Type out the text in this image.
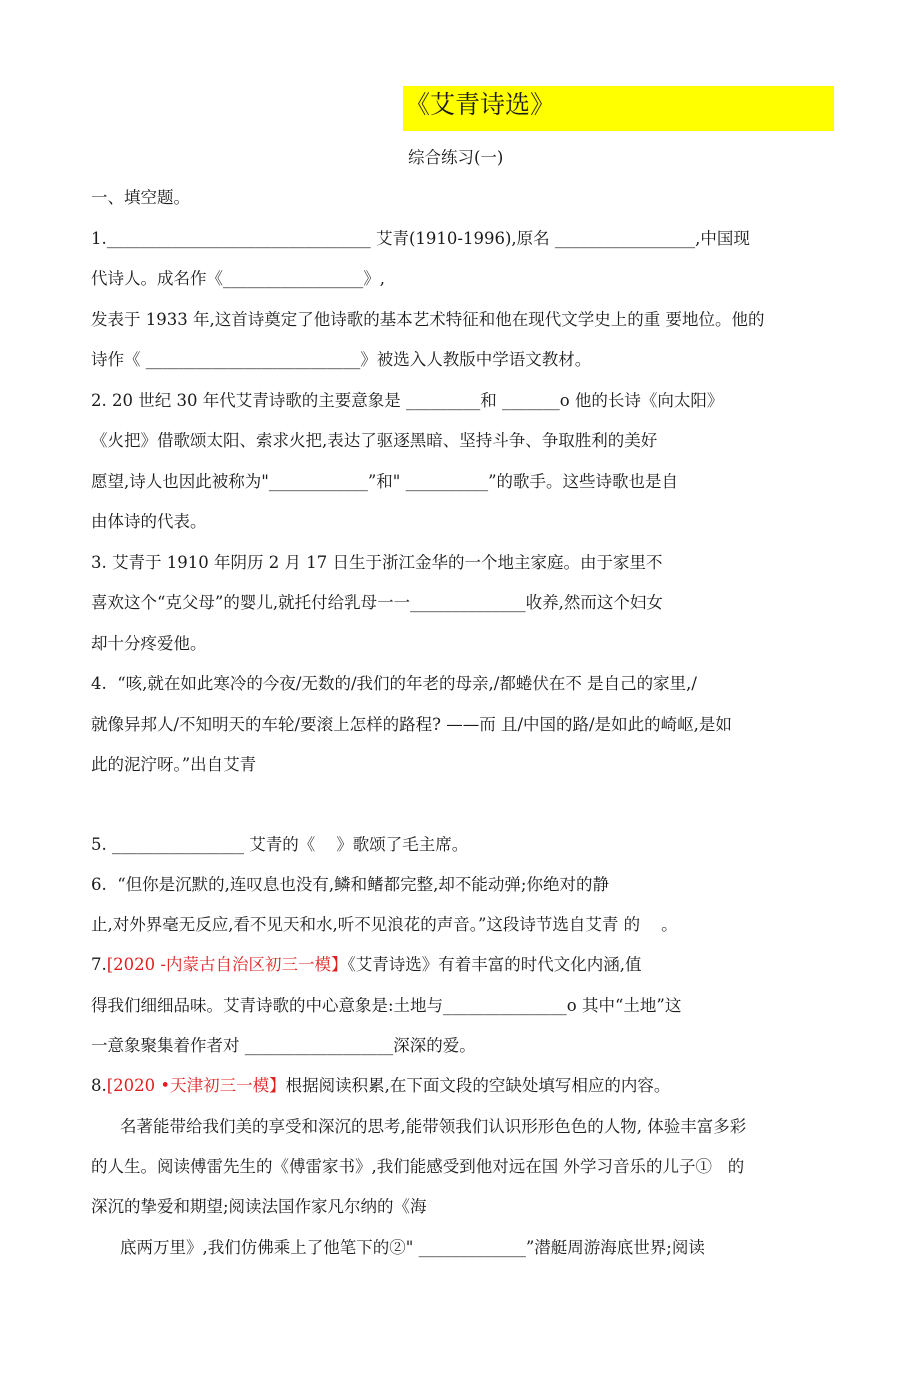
《艾青诗选》
综合练习(一)
一、填空题。
1.________________________________ 艾青(1910-1996),原名 _________________,中国现
代诗人。成名作《_________________》,
发表于 1933 年,这首诗奠定了他诗歌的基本艺术特征和他在现代文学史上的重 要地位。他的
诗作《 __________________________》被选入人教版中学语文教材。
2. 20 世纪 30 年代艾青诗歌的主要意象是 _________和 _______o 他的长诗《向太阳》
《火把》借歌颂太阳、索求火把,表达了驱逐黑暗、坚持斗争、争取胜利的美好
愿望,诗人也因此被称为"____________”和" __________”的歌手。这些诗歌也是自
由体诗的代表。
3. 艾青于 1910 年阴历 2 月 17 日生于浙江金华的一个地主家庭。由于家里不
喜欢这个“克父母”的婴儿,就托付给乳母一一______________收养,然而这个妇女
却十分疼爱他。
4.  “咳,就在如此寒冷的今夜/无数的/我们的年老的母亲,/都蜷伏在不 是自己的家里,/
就像异邦人/不知明天的车轮/要滚上怎样的路程? ——而 且/中国的路/是如此的崎岖,是如
此的泥泞呀。”出自艾青
5. ________________ 艾青的《    》歌颂了毛主席。
6.  “但你是沉默的,连叹息也没有,鳞和鳍都完整,却不能动弹;你绝对的静
止,对外界毫无反应,看不见天和水,听不见浪花的声音。”这段诗节选自艾青 的    。
7.[2020 -内蒙古自治区初三一模】《艾青诗选》有着丰富的时代文化内涵,值
得我们细细品味。艾青诗歌的中心意象是:土地与_______________o 其中“土地”这
一意象聚集着作者对 __________________深深的爱。
8.[2020 •天津初三一模】根据阅读积累,在下面文段的空缺处填写相应的内容。
名著能带给我们美的享受和深沉的思考,能带领我们认识形形色色的人物, 体验丰富多彩
的人生。阅读傅雷先生的《傅雷家书》,我们能感受到他对远在国 外学习音乐的儿子①   的
深沉的挚爱和期望;阅读法国作家凡尔纳的《海
底两万里》,我们仿佛乘上了他笔下的②" _____________”潜艇周游海底世界;阅读
